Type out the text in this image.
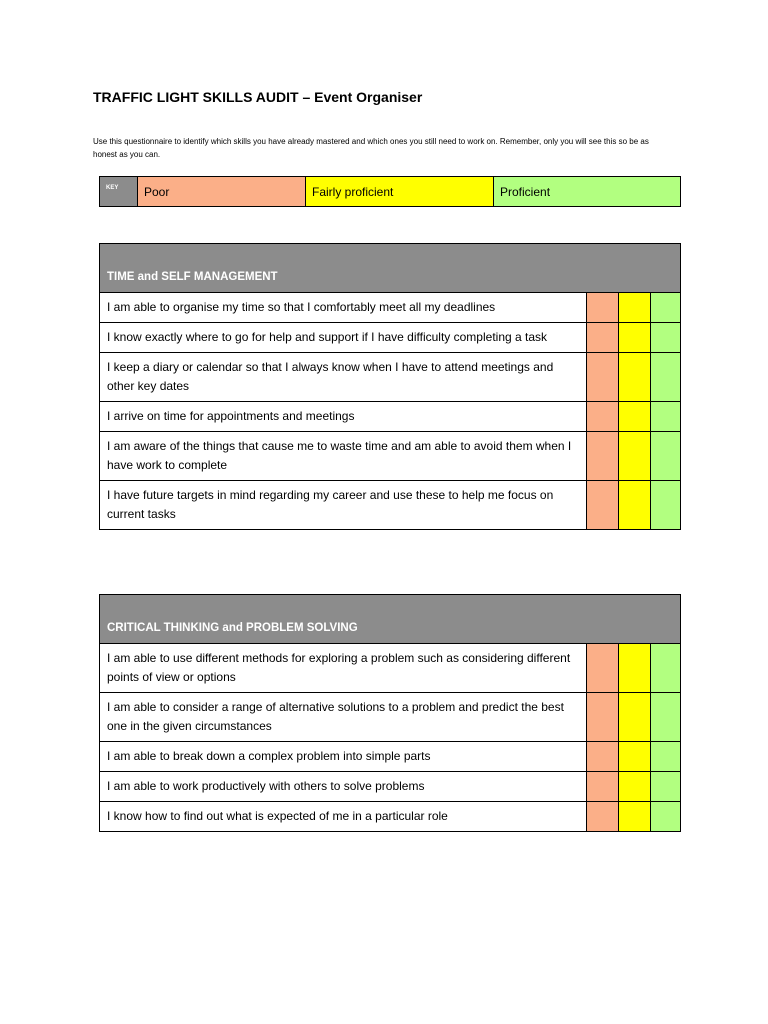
TRAFFIC LIGHT SKILLS AUDIT – Event Organiser

Use this questionnaire to identify which skills you have already mastered and which ones you still need to work on. Remember, only you will see this so be as honest as you can.

KEY	Poor	Fairly proficient	Proficient
TIME and SELF MANAGEMENT
I am able to organise my time so that I comfortably meet all my deadlines
I know exactly where to go for help and support if I have difficulty completing a task
I keep a diary or calendar so that I always know when I have to attend meetings and other key dates
I arrive on time for appointments and meetings
I am aware of the things that cause me to waste time and am able to avoid them when I have work to complete
I have future targets in mind regarding my career and use these to help me focus on current tasks
CRITICAL THINKING and PROBLEM SOLVING
I am able to use different methods for exploring a problem such as considering different points of view or options
I am able to consider a range of alternative solutions to a problem and predict the best one in the given circumstances
I am able to break down a complex problem into simple parts
I am able to work productively with others to solve problems
I know how to find out what is expected of me in a particular role
